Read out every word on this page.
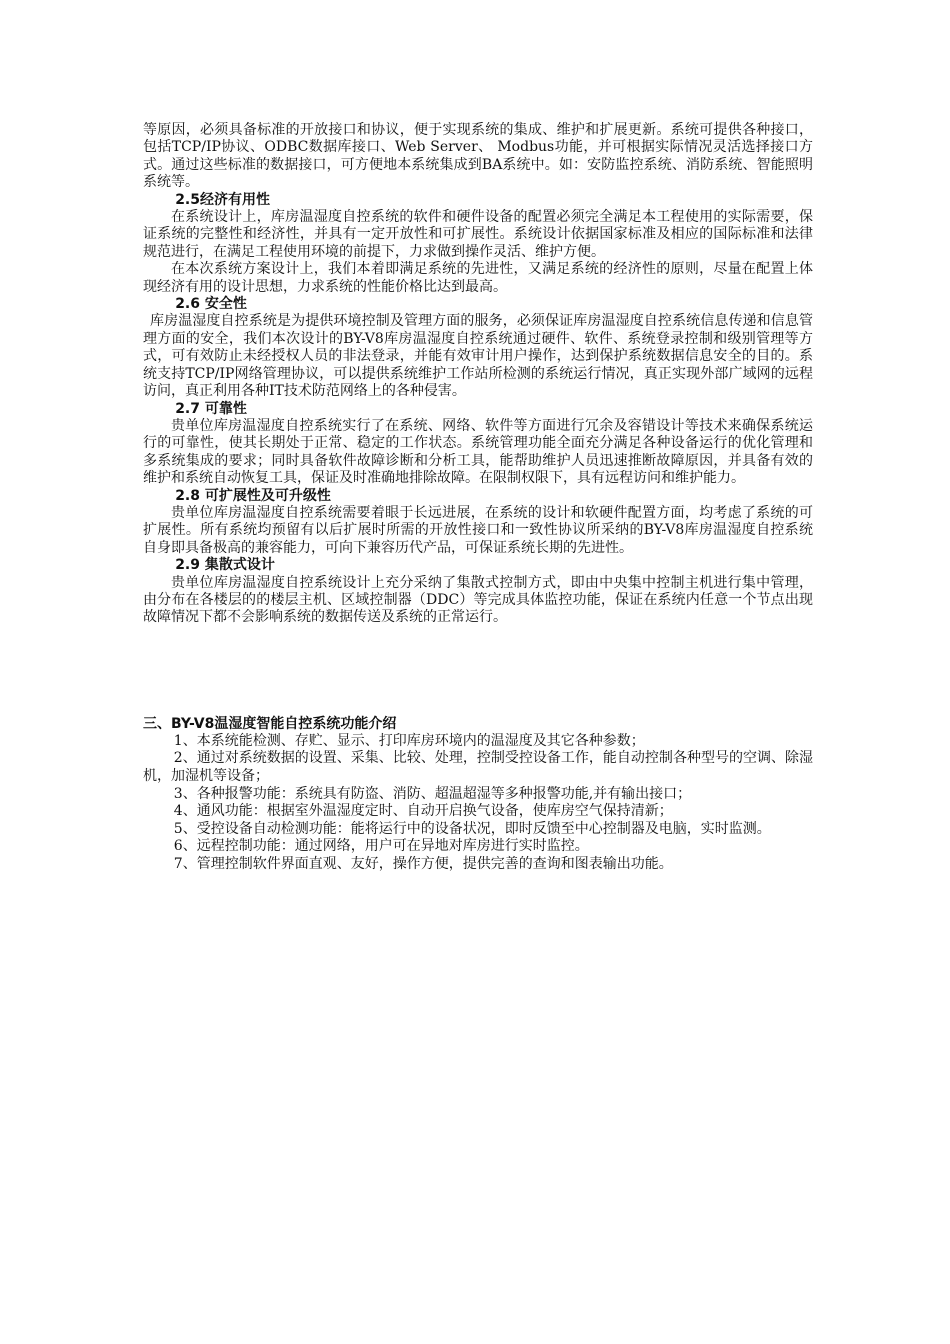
等原因，必须具备标准的开放接口和协议，便于实现系统的集成、维护和扩展更新。系统可提供各种接口，包括TCP/IP协议、ODBC数据库接口、Web Server、 Modbus功能，并可根据实际情况灵活选择接口方式。通过这些标准的数据接口，可方便地本系统集成到BA系统中。如：安防监控系统、消防系统、智能照明系统等。

2.5经济有用性

在系统设计上，库房温湿度自控系统的软件和硬件设备的配置必须完全满足本工程使用的实际需要，保证系统的完整性和经济性，并具有一定开放性和可扩展性。系统设计依据国家标准及相应的国际标准和法律规范进行，在满足工程使用环境的前提下，力求做到操作灵活、维护方便。

在本次系统方案设计上，我们本着即满足系统的先进性，又满足系统的经济性的原则，尽量在配置上体现经济有用的设计思想，力求系统的性能价格比达到最高。

2.6 安全性

库房温湿度自控系统是为提供环境控制及管理方面的服务，必须保证库房温湿度自控系统信息传递和信息管理方面的安全，我们本次设计的BY-V8库房温湿度自控系统通过硬件、软件、系统登录控制和级别管理等方式，可有效防止未经授权人员的非法登录，并能有效审计用户操作，达到保护系统数据信息安全的目的。系统支持TCP/IP网络管理协议，可以提供系统维护工作站所检测的系统运行情况，真正实现外部广域网的远程访问，真正利用各种IT技术防范网络上的各种侵害。

2.7 可靠性

贵单位库房温湿度自控系统实行了在系统、网络、软件等方面进行冗余及容错设计等技术来确保系统运行的可靠性，使其长期处于正常、稳定的工作状态。系统管理功能全面充分满足各种设备运行的优化管理和多系统集成的要求；同时具备软件故障诊断和分析工具，能帮助维护人员迅速推断故障原因，并具备有效的维护和系统自动恢复工具，保证及时准确地排除故障。在限制权限下，具有远程访问和维护能力。

2.8 可扩展性及可升级性

贵单位库房温湿度自控系统需要着眼于长远进展，在系统的设计和软硬件配置方面，均考虑了系统的可扩展性。所有系统均预留有以后扩展时所需的开放性接口和一致性协议所采纳的BY-V8库房温湿度自控系统自身即具备极高的兼容能力，可向下兼容历代产品，可保证系统长期的先进性。

2.9 集散式设计

贵单位库房温湿度自控系统设计上充分采纳了集散式控制方式，即由中央集中控制主机进行集中管理，由分布在各楼层的的楼层主机、区域控制器（DDC）等完成具体监控功能，保证在系统内任意一个节点出现故障情况下都不会影响系统的数据传送及系统的正常运行。

三、BY-V8温湿度智能自控系统功能介绍

1、本系统能检测、存贮、显示、打印库房环境内的温湿度及其它各种参数；

2、通过对系统数据的设置、采集、比较、处理，控制受控设备工作，能自动控制各种型号的空调、除湿机，加湿机等设备；

3、各种报警功能：系统具有防盗、消防、超温超湿等多种报警功能,并有输出接口；

4、通风功能：根据室外温湿度定时、自动开启换气设备，使库房空气保持清新；

5、受控设备自动检测功能：能将运行中的设备状况，即时反馈至中心控制器及电脑，实时监测。

6、远程控制功能：通过网络，用户可在异地对库房进行实时监控。

7、管理控制软件界面直观、友好，操作方便，提供完善的查询和图表输出功能。
